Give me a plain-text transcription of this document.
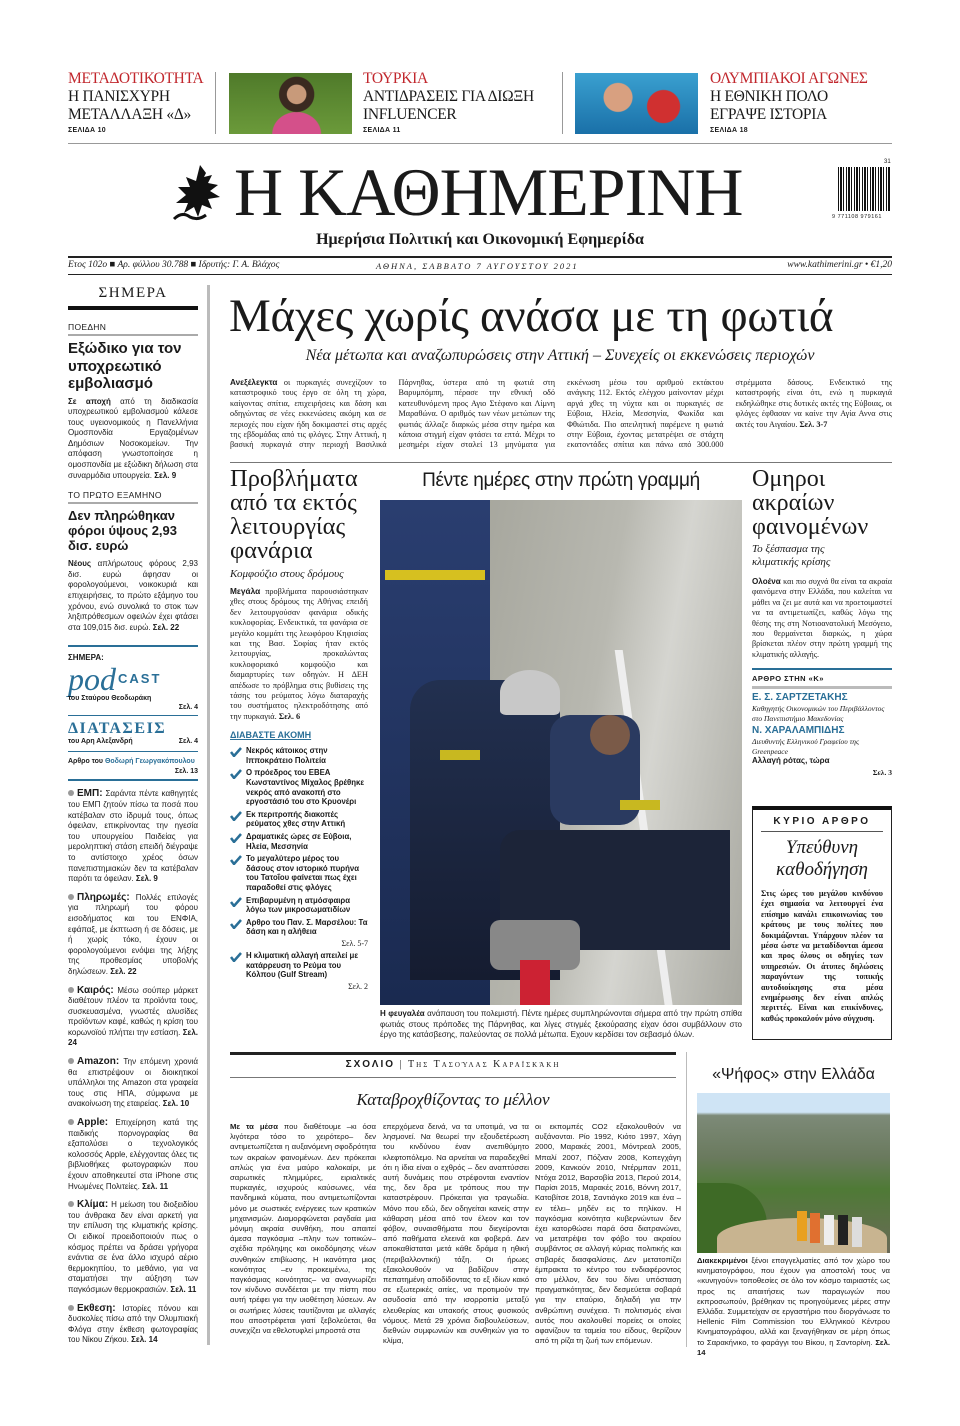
ΜΕΤΑΔΟΤΙΚΟΤΗΤΑ
Η ΠΑΝΙΣΧΥΡΗ
ΜΕΤΑΛΛΑΞΗ «Δ»
ΣΕΛΙΔΑ 10
ΤΟΥΡΚΙΑ
ΑΝΤΙΔΡΑΣΕΙΣ ΓΙΑ ΔΙΩΞΗ
INFLUENCER
ΣΕΛΙΔΑ 11
ΟΛΥΜΠΙΑΚΟΙ ΑΓΩΝΕΣ
Η ΕΘΝΙΚΗ ΠΟΛΟ
ΕΓΡΑΨΕ ΙΣΤΟΡΙΑ
ΣΕΛΙΔΑ 18
Η ΚΑΘΗΜΕΡΙΝΗ	31
9 771108 979161
Ημερήσια Πολιτική και Οικονομική Εφημερίδα
Ετος 102ο ■ Αρ. φύλλου 30.788 ■ Ιδρυτής: Γ. Α. Βλάχος	ΑΘΗΝΑ, ΣΑΒΒΑΤΟ 7 ΑΥΓΟΥΣΤΟΥ 2021	www.kathimerini.gr • €1,20
ΣΗΜΕΡΑ
ΠΟΕΔΗΝ
Εξώδικο για τον υποχρεωτικό εμβολιασμό
Σε αποχή από τη διαδικασία υποχρεωτικού εμβολιασμού κάλεσε τους υγειονομικούς η Πανελλήνια Ομοσπονδία Εργαζομένων Δημόσιων Νοσοκομείων. Την απόφαση γνωστοποίησε η ομοσπονδία με εξώδικη δήλωση στα συναρμόδια υπουργεία. Σελ. 9
ΤΟ ΠΡΩΤΟ ΕΞΑΜΗΝΟ
Δεν πληρώθηκαν φόροι ύψους 2,93 δισ. ευρώ
Νέους απλήρωτους φόρους 2,93 δισ. ευρώ άφησαν οι φορολογούμενοι, νοικοκυριά και επιχειρήσεις, το πρώτο εξάμηνο του χρόνου, ενώ συνολικά το στοκ των ληξιπρόθεσμων οφειλών έχει φτάσει στα 109,015 δισ. ευρώ. Σελ. 22
ΣΗΜΕΡΑ:
pod CAST
του Σταύρου Θεοδωράκη
Σελ. 4
ΔΙΑΤΑΣΕΙΣ
του Αρη Αλεξανδρή	Σελ. 4
Αρθρο του Θοδωρή Γεωργακόπουλου
Σελ. 13
ΕΜΠ: Σαράντα πέντε καθηγητές του ΕΜΠ ζητούν πίσω τα ποσά που κατέβαλαν στο ίδρυμά τους, όπως όφειλαν, επικρίνοντας την ηγεσία του υπουργείου Παιδείας για μεροληπτική στάση επειδή διέγραψε το αντίστοιχο χρέος όσων πανεπιστημιακών δεν τα κατέβαλαν παρότι τα όφειλαν. Σελ. 9
Πληρωμές: Πολλές επιλογές για πληρωμή του φόρου εισοδήματος και του ΕΝΦΙΑ, εφάπαξ, με έκπτωση ή σε δόσεις, με ή χωρίς τόκο, έχουν οι φορολογούμενοι ενόψει της λήξης της προθεσμίας υποβολής δηλώσεων. Σελ. 22
Καιρός: Μέσω σούπερ μάρκετ διαθέτουν πλέον τα προϊόντα τους, συσκευασμένα, γνωστές αλυσίδες προϊόντων καφέ, καθώς η κρίση του κορωνοϊού πλήττει την εστίαση. Σελ. 24
Amazon: Την επόμενη χρονιά θα επιστρέψουν οι διοικητικοί υπάλληλοι της Amazon στα γραφεία τους στις ΗΠΑ, σύμφωνα με ανακοίνωση της εταιρείας. Σελ. 10
Apple: Επιχείρηση κατά της παιδικής πορνογραφίας θα εξαπολύσει ο τεχνολογικός κολοσσός Apple, ελέγχοντας όλες τις βιβλιοθήκες φωτογραφιών που έχουν αποθηκευτεί στα iPhone στις Ηνωμένες Πολιτείες. Σελ. 11
Κλίμα: Η μείωση του διοξειδίου του άνθρακα δεν είναι αρκετή για την επίλυση της κλιματικής κρίσης. Οι ειδικοί προειδοποιούν πως ο κόσμος πρέπει να δράσει γρήγορα ενάντια σε ένα άλλο ισχυρό αέριο θερμοκηπίου, το μεθάνιο, για να σταματήσει την αύξηση των παγκόσμιων θερμοκρασιών. Σελ. 11
Εκθεση: Ιστορίες πόνου και δυσκολίες πίσω από την Ολυμπιακή Φλόγα στην έκθεση φωτογραφίας του Νίκου Ζήκου. Σελ. 14
Μάχες χωρίς ανάσα με τη φωτιά
Νέα μέτωπα και αναζωπυρώσεις στην Αττική – Συνεχείς οι εκκενώσεις περιοχών
Ανεξέλεγκτα οι πυρκαγιές συνεχίζουν το καταστροφικό τους έργο σε όλη τη χώρα, καίγοντας σπίτια, επιχειρήσεις και δάση και οδηγώντας σε νέες εκκενώσεις ακόμη και σε περιοχές που είχαν ήδη δοκιμαστεί στις αρχές της εβδομάδας από τις φλόγες. Στην Αττική, η βασική πυρκαγιά στην περιοχή Βασιλικά Πάρνηθας, ύστερα από τη φωτιά στη Βαρυμπόμπη, πέρασε την εθνική οδό κατευθυνόμενη προς Αγιο Στέφανο και Λίμνη Μαραθώνα. Ο αριθμός των νέων μετώπων της φωτιάς άλλαζε διαρκώς μέσα στην ημέρα και κάποια στιγμή είχαν φτάσει τα επτά. Μέχρι το μεσημέρι είχαν σταλεί 13 μηνύματα για εκκένωση μέσω του αριθμού εκτάκτου ανάγκης 112. Εκτός ελέγχου μαίνονταν μέχρι αργά χθες τη νύχτα και οι πυρκαγιές σε Εύβοια, Ηλεία, Μεσσηνία, Φωκίδα και Φθιώτιδα. Πιο απειλητική παρέμενε η φωτιά στην Εύβοια, έχοντας μετατρέψει σε στάχτη εκατοντάδες σπίτια και πάνω από 300.000 στρέμματα δάσους. Ενδεικτικό της καταστροφής είναι ότι, ενώ η πυρκαγιά εκδηλώθηκε στις δυτικές ακτές της Εύβοιας, οι φλόγες έφθασαν να καίνε την Αγία Αννα στις ακτές του Αιγαίου. Σελ. 3-7
Προβλήματα από τα εκτός λειτουργίας φανάρια
Κομφούζιο στους δρόμους
Μεγάλα προβλήματα παρουσιάστηκαν χθες στους δρόμους της Αθήνας επειδή δεν λειτουργούσαν φανάρια οδικής κυκλοφορίας. Ενδεικτικά, τα φανάρια σε μεγάλο κομμάτι της λεωφόρου Κηφισίας και της Βασ. Σοφίας ήταν εκτός λειτουργίας, προκαλώντας κυκλοφοριακό κομφούζιο και διαμαρτυρίες των οδηγών. Η ΔΕΗ απέδωσε το πρόβλημα στις βυθίσεις της τάσης του ρεύματος λόγω διαταραχής του συστήματος ηλεκτροδότησης από την πυρκαγιά. Σελ. 6
ΔΙΑΒΑΣΤΕ ΑΚΟΜΗ
Νεκρός κάτοικος στην Ιπποκράτειο Πολιτεία
Ο πρόεδρος του ΕΒΕΑ Κωνσταντίνος Μίχαλος βρέθηκε νεκρός από ανακοπή στο εργοστάσιό του στο Κρυονέρι
Εκ περιτροπής διακοπές ρεύματος χθες στην Αττική
Δραματικές ώρες σε Εύβοια, Ηλεία, Μεσσηνία
Το μεγαλύτερο μέρος του δάσους στον ιστορικό πυρήνα του Τατοΐου φαίνεται πως έχει παραδοθεί στις φλόγες
Επιβαρυμένη η ατμόσφαιρα λόγω των μικροσωματιδίων
Αρθρο του Παν. Σ. Μαρσέλου: Τα δάση και η αλήθεια
Σελ. 5-7
Η κλιματική αλλαγή απειλεί με κατάρρευση το Ρεύμα του Κόλπου (Gulf Stream)
Σελ. 2
Πέντε ημέρες στην πρώτη γραμμή
Η φευγαλέα ανάπαυση του πολεμιστή. Πέντε ημέρες συμπληρώνονται σήμερα από την πρώτη σπίθα φωτιάς στους πρόποδες της Πάρνηθας, και λίγες στιγμές ξεκούρασης είχαν όσοι συμβάλλουν στο έργο της κατάσβεσης, παλεύοντας σε πολλά μέτωπα. Εχουν κερδίσει τον σεβασμό όλων.
Ομηροι ακραίων φαινομένων
Το ξέσπασμα της κλιματικής κρίσης
Ολοένα και πιο συχνά θα είναι τα ακραία φαινόμενα στην Ελλάδα, που καλείται να μάθει να ζει με αυτά και να προετοιμαστεί να τα αντιμετωπίζει, καθώς λόγω της θέσης της στη Νοτιοανατολική Μεσόγειο, που θερμαίνεται διαρκώς, η χώρα βρίσκεται πλέον στην πρώτη γραμμή της κλιματικής αλλαγής.
ΑΡΘΡΟ ΣΤΗΝ «Κ»
Ε. Σ. ΣΑΡΤΖΕΤΑΚΗΣ
Καθηγητής Οικονομικών του Περιβάλλοντος στο Πανεπιστήμιο Μακεδονίας
Ν. ΧΑΡΑΛΑΜΠΙΔΗΣ
Διευθυντής Ελληνικού Γραφείου της Greenpeace
Αλλαγή ρότας, τώρα
Σελ. 3
ΚΥΡΙΟ ΑΡΘΡΟ
Υπεύθυνη καθοδήγηση
Στις ώρες του μεγάλου κινδύνου έχει σημασία να λειτουργεί ένα επίσημο κανάλι επικοινωνίας του κράτους με τους πολίτες που δοκιμάζονται. Υπάρχουν πλέον τα μέσα ώστε να μεταδίδονται άμεσα και προς όλους οι οδηγίες των υπηρεσιών. Οι άτυπες δηλώσεις παραγόντων της τοπικής αυτοδιοίκησης στα μέσα ενημέρωσης δεν είναι απλώς περιττές. Είναι και επικίνδυνες, καθώς προκαλούν μόνο σύγχυση.
ΣΧΟΛΙΟ | Της Τασούλας Καραϊσκάκη
Καταβροχθίζοντας το μέλλον
Με τα μέσα που διαθέτουμε –κι όσα λιγότερα τόσο το χειρότερο– δεν αντιμετωπίζεται η αυξανόμενη σφοδρότητα των ακραίων φαινομένων. Δεν πρόκειται απλώς για ένα μαύρο καλοκαίρι, με σαρωτικές πλημμύρες, ειριαλτικές πυρκαγιές, ισχυρούς καύσωνες, νέα πανδημικά κύματα, που αντιμετωπίζονται μόνο με σωστικές ενέργειες των κρατικών μηχανισμών. Διαμορφώνεται ραγδαία μια μόνιμη ακραία συνθήκη, που απαιτεί άμεσα παγκόσμια –πλην των τοπικών– σχέδια πρόληψης και οικοδόμησης νέων συνθηκών επιβίωσης. Η ικανότητα μιας κοινότητας –εν προκειμένω, της παγκόσμιας κοινότητας– να αναγνωρίζει τον κίνδυνο συνδέεται με την πίστη που αυτή τρέφει για την υιοθέτηση λύσεων. Αν οι σωτήριες λύσεις ταυτίζονται με αλλαγές που αποστρέφεται γιατί ξεβολεύεται, θα συνεχίζει να εθελοτυφλεί μπροστά στα
επερχόμενα δεινά, να τα υποτιμά, να τα λησμονεί. Να θεωρεί την εξουδετέρωση του κινδύνου έναν ανεπιθύμητο κλεφτοπόλεμο. Να αρνείται να παραδεχθεί ότι η ίδια είναι ο εχθρός – δεν αναπτύσσει αυτή δυνάμεις που στρέφονται εναντίον της, δεν δρα με τρόπους που την καταστρέφουν. Πρόκειται για τραγωδία. Μόνο που εδώ, δεν οδηγείται κανείς στην κάθαρση μέσα από τον έλεον και τον φόβον, συναισθήματα που διεγείρονται από παθήματα ελεεινά και φοβερά. Δεν αποκαθίσταται μετά κάθε δράμα η ηθική (περιβαλλοντική) τάξη. Οι ήρωες εξακολουθούν να βαδίζουν στην πεπατημένη αποδίδοντας το εξ ιδίων κακό σε εξωτερικές αιτίες, να προτιμούν την ασυδοσία από την ισορροπία μεταξύ ελευθερίας και υπακοής στους φυσικούς νόμους. Μετά 29 χρόνια διαβουλεύσεων, διεθνών συμφωνιών και συνθηκών για το κλίμα,
οι εκπομπές CO2 εξακολουθούν να αυξάνονται. Ρίο 1992, Κιότο 1997, Χάγη 2000, Μαρακές 2001, Μόντρεαλ 2005, Μπαλί 2007, Πόζναν 2008, Κοπεγχάγη 2009, Κανκούν 2010, Ντέρμπαν 2011, Ντόχα 2012, Βαρσοβία 2013, Περού 2014, Παρίσι 2015, Μαρακές 2016, Βόννη 2017, Κατοβίτσε 2018, Σαντιάγκο 2019 και ένα –εν τέλει– μηδέν εις το πηλίκον. Η παγκόσμια κοινότητα κυβερνώντων δεν έχει κατορθώσει παρά όσα διατρανώνει, να μετατρέψει τον φόβο του ακραίου συμβάντος σε αλλαγή κύριας πολιτικής και στιβαρές διασφαλίσεις. Δεν μετατοπίζει έμπρακτα το κέντρο του ενδιαφέροντος στο μέλλον, δεν του δίνει υπόσταση πραγματικότητας, δεν δεσμεύεται σοβαρά για την επαύριο, δηλαδή για την ανθρώπινη συνέχεια. Τι πολιτισμός είναι αυτός που ακολουθεί πορείες οι οποίες αφανίζουν τα ταμεία του είδους, θερίζουν από τη ρίζα τη ζωή των επόμενων.
«Ψήφος» στην Ελλάδα
Διακεκριμένοι ξένοι επαγγελματίες από τον χώρο του κινηματογράφου, που έχουν για αποστολή τους να «κυνηγούν» τοποθεσίες σε όλο τον κόσμο ταιριαστές ως προς τις απαιτήσεις των παραγωγών που εκπροσωπούν, βρέθηκαν τις προηγούμενες μέρες στην Ελλάδα. Συμμετείχαν σε εργαστήριο που διοργάνωσε το Hellenic Film Commission του Ελληνικού Κέντρου Κινηματογράφου, αλλά και ξεναγήθηκαν σε μέρη όπως το Σαρακήνικο, το φαράγγι του Βίκου, η Σαντορίνη. Σελ. 14
